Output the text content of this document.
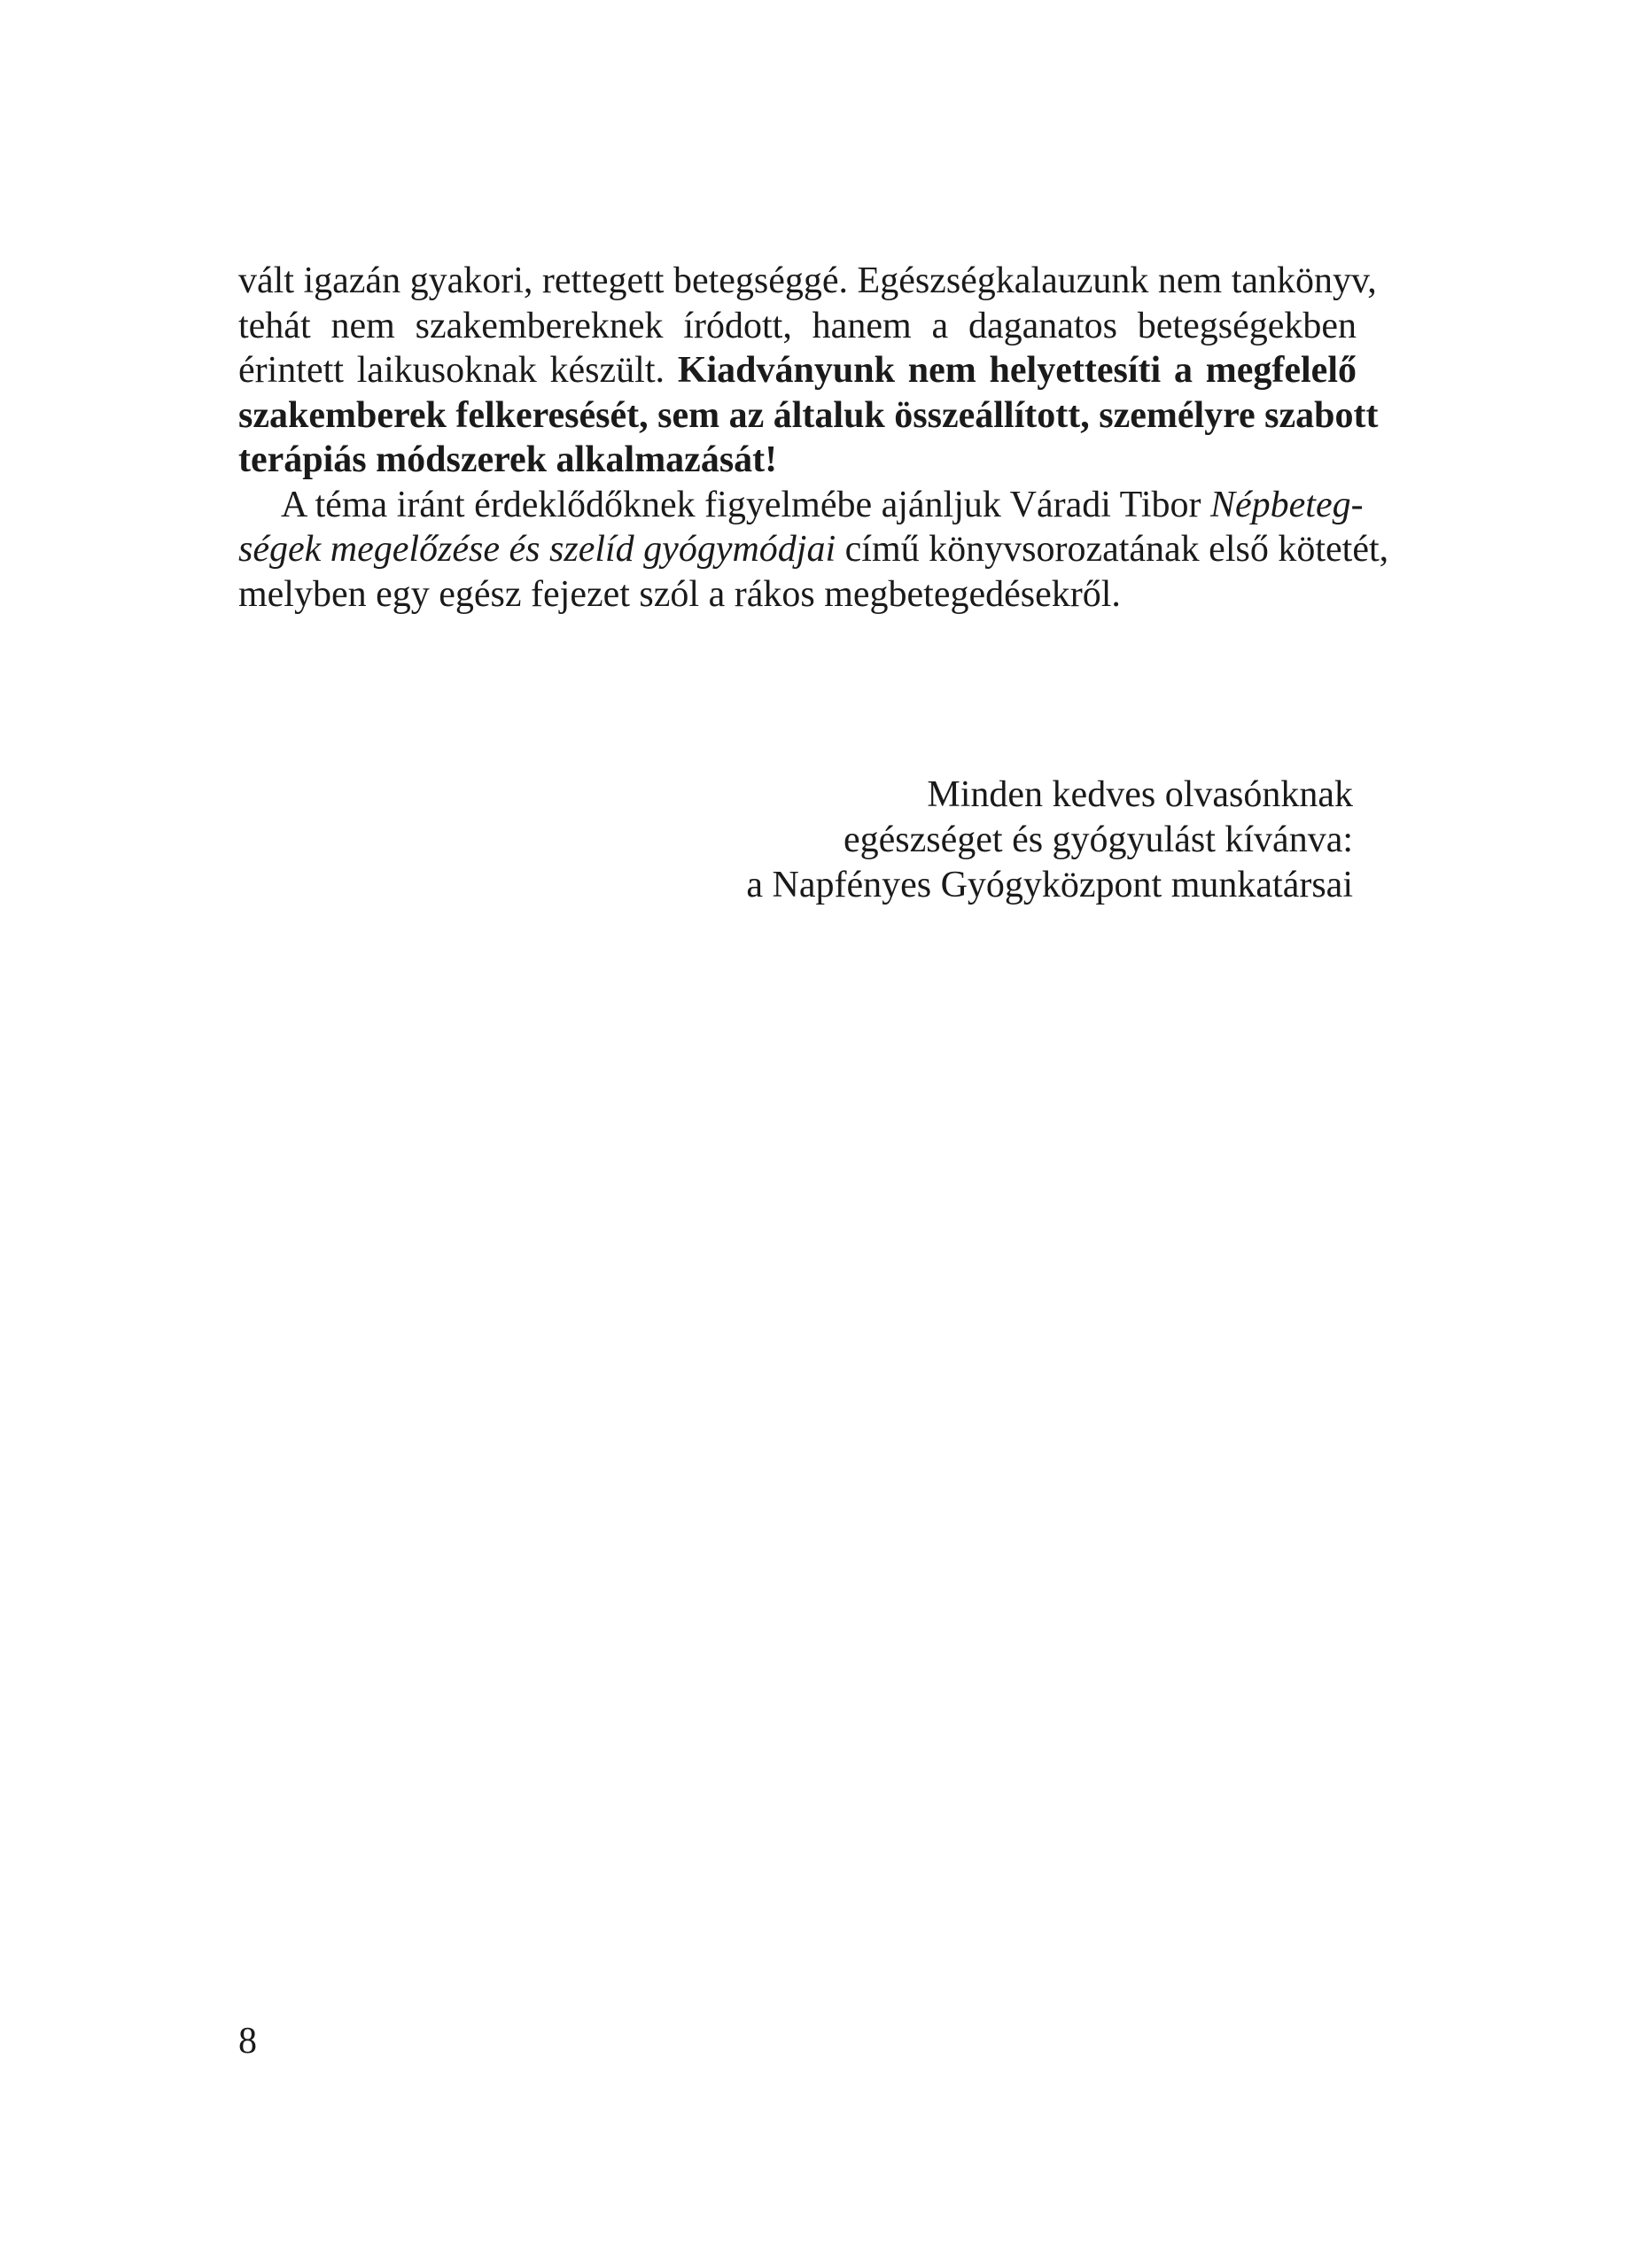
vált igazán gyakori, rettegett betegséggé. Egészségkalauzunk nem tankönyv,
tehát nem szakembereknek íródott, hanem a daganatos betegségekben
érintett laikusoknak készült. Kiadványunk nem helyettesíti a megfelelő
szakemberek felkeresését, sem az általuk összeállított, személyre szabott
terápiás módszerek alkalmazását!
A téma iránt érdeklődőknek figyelmébe ajánljuk Váradi Tibor Népbeteg-
ségek megelőzése és szelíd gyógymódjai című könyvsorozatának első kötetét,
melyben egy egész fejezet szól a rákos megbetegedésekről.
Minden kedves olvasónknak
egészséget és gyógyulást kívánva:
a Napfényes Gyógyközpont munkatársai
8
